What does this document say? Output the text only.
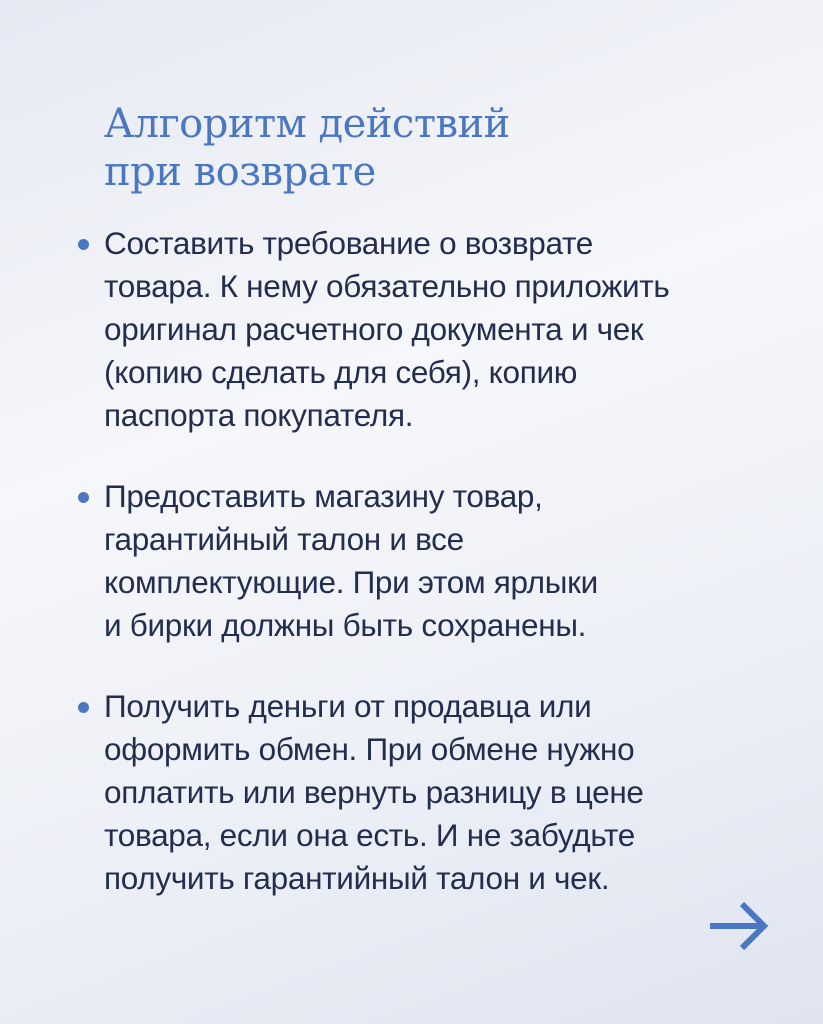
Алгоритм действий
при возврате
Составить требование о возврате
товара. К нему обязательно приложить
оригинал расчетного документа и чек
(копию сделать для себя), копию
паспорта покупателя.
Предоставить магазину товар,
гарантийный талон и все
комплектующие. При этом ярлыки
и бирки должны быть сохранены.
Получить деньги от продавца или
оформить обмен. При обмене нужно
оплатить или вернуть разницу в цене
товара, если она есть. И не забудьте
получить гарантийный талон и чек.
